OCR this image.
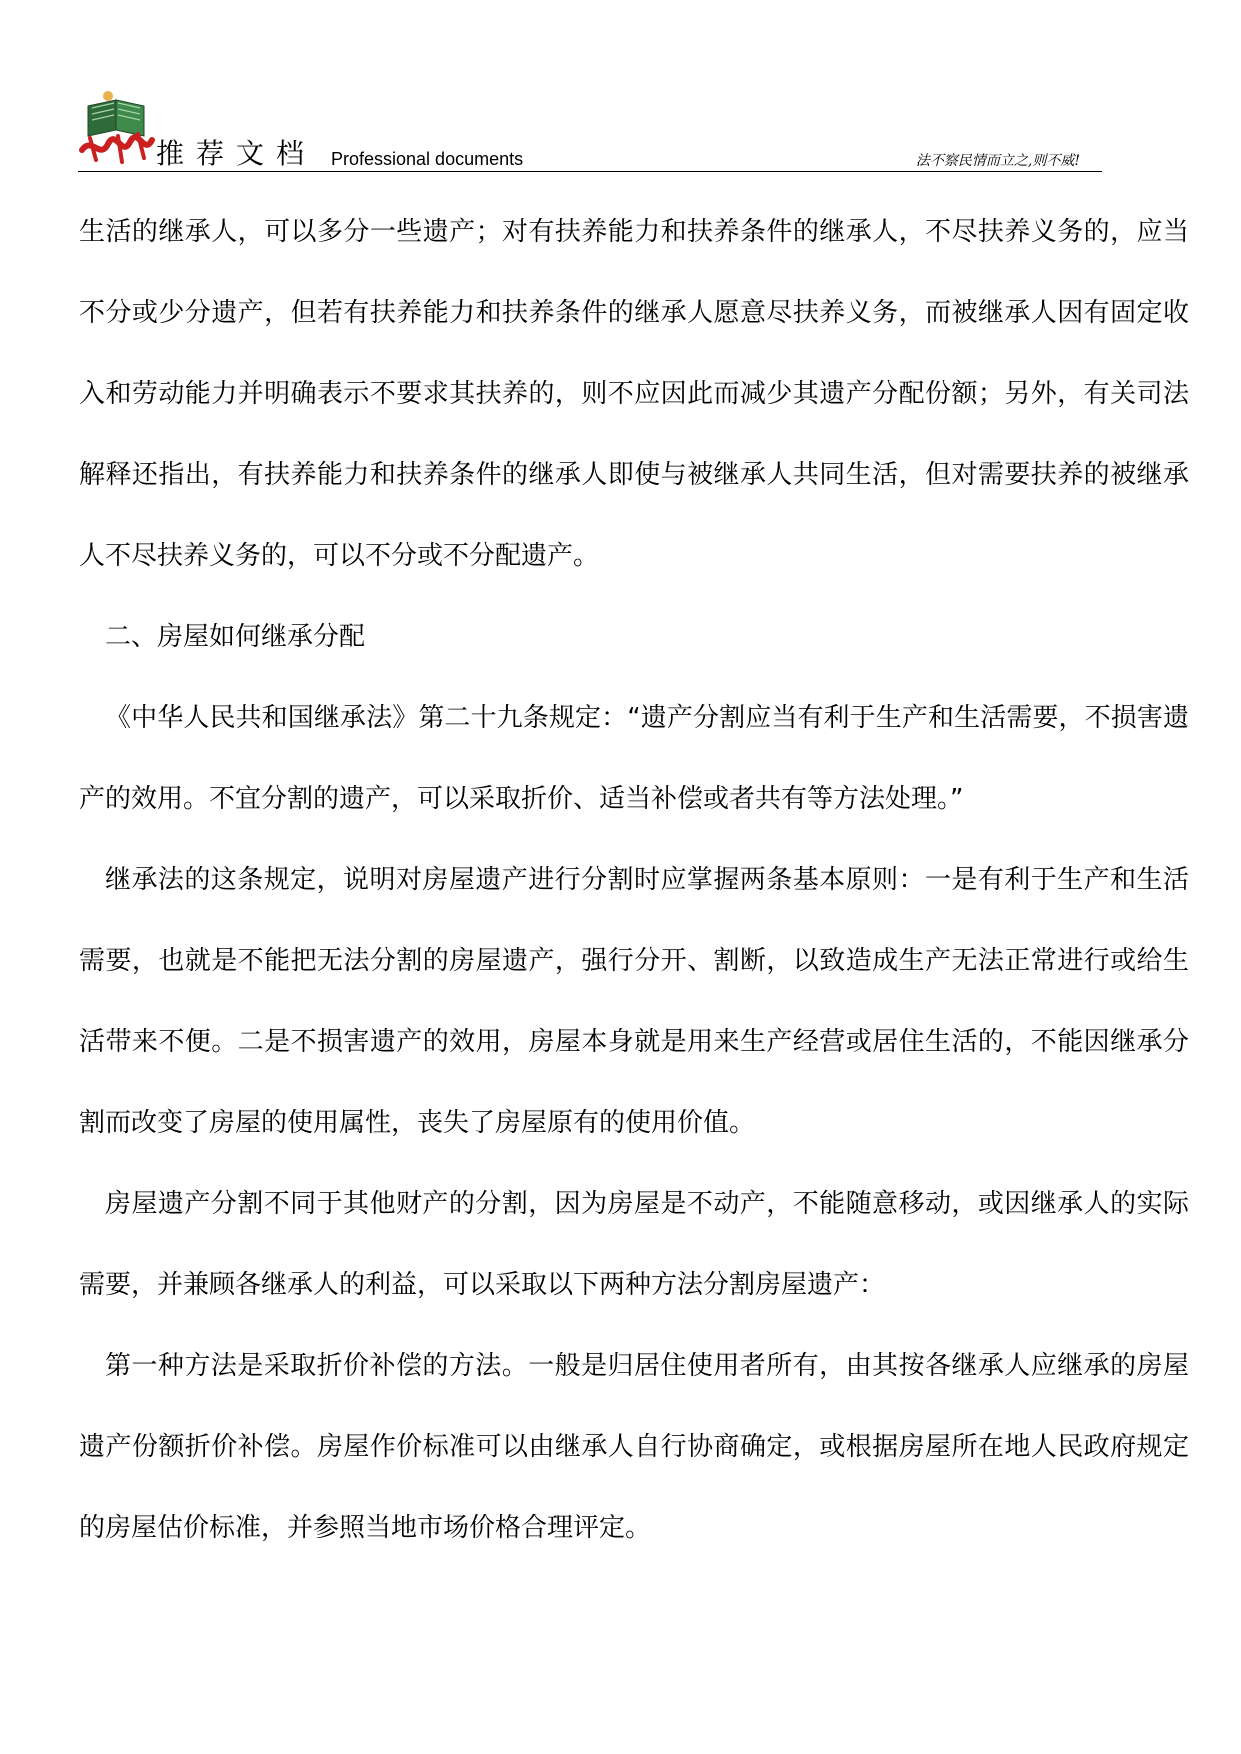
推荐文档 Professional documents	法不察民情而立之,则不威!

生活的继承人，可以多分一些遗产；对有扶养能力和扶养条件的继承人，不尽扶养义务的，应当不分或少分遗产，但若有扶养能力和扶养条件的继承人愿意尽扶养义务，而被继承人因有固定收入和劳动能力并明确表示不要求其扶养的，则不应因此而减少其遗产分配份额；另外，有关司法解释还指出，有扶养能力和扶养条件的继承人即使与被继承人共同生活，但对需要扶养的被继承人不尽扶养义务的，可以不分或不分配遗产。

二、房屋如何继承分配

《中华人民共和国继承法》第二十九条规定：“遗产分割应当有利于生产和生活需要，不损害遗产的效用。不宜分割的遗产，可以采取折价、适当补偿或者共有等方法处理。”

继承法的这条规定，说明对房屋遗产进行分割时应掌握两条基本原则：一是有利于生产和生活需要，也就是不能把无法分割的房屋遗产，强行分开、割断，以致造成生产无法正常进行或给生活带来不便。二是不损害遗产的效用，房屋本身就是用来生产经营或居住生活的，不能因继承分割而改变了房屋的使用属性，丧失了房屋原有的使用价值。

房屋遗产分割不同于其他财产的分割，因为房屋是不动产，不能随意移动，或因继承人的实际需要，并兼顾各继承人的利益，可以采取以下两种方法分割房屋遗产：

第一种方法是采取折价补偿的方法。一般是归居住使用者所有，由其按各继承人应继承的房屋遗产份额折价补偿。房屋作价标准可以由继承人自行协商确定，或根据房屋所在地人民政府规定的房屋估价标准，并参照当地市场价格合理评定。
